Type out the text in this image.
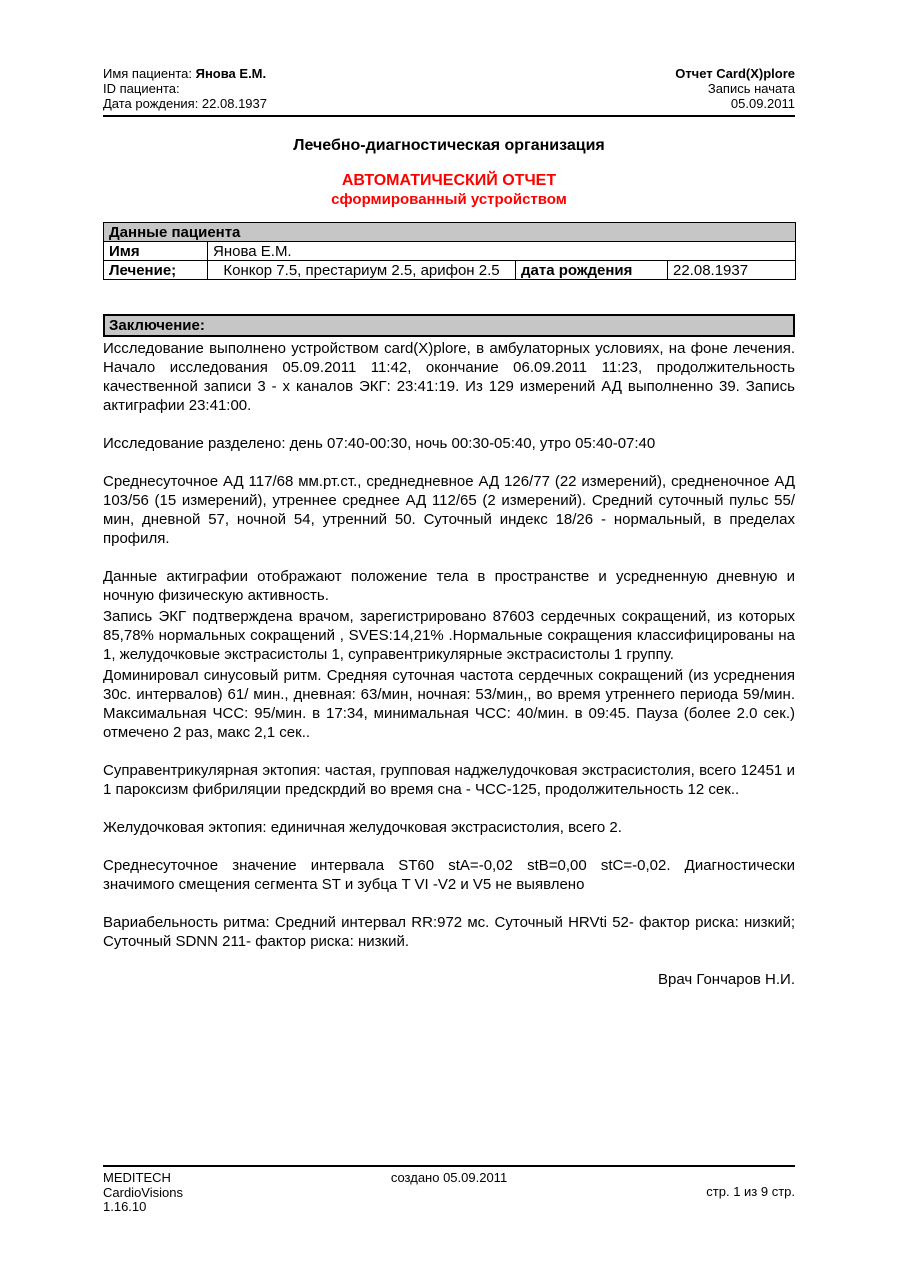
Имя пациента: Янова Е.М.
ID пациента:
Дата рождения: 22.08.1937
Отчет Card(X)plore
Запись начата
05.09.2011
Лечебно-диагностическая организация
АВТОМАТИЧЕСКИЙ ОТЧЕТ
сформированный устройством
Данные пациента			
Имя	Янова Е.М.		
Лечение;	Конкор 7.5, престариум 2.5, арифон 2.5	дата рождения	22.08.1937
Заключение:
Исследование выполнено устройством card(X)plore, в амбулаторных условиях, на фоне лечения. Начало исследования 05.09.2011 11:42, окончание 06.09.2011 11:23, продолжительность качественной записи 3 - х каналов ЭКГ: 23:41:19. Из 129 измерений АД выполненно 39. Запись актиграфии 23:41:00.
Исследование разделено: день 07:40-00:30, ночь 00:30-05:40, утро 05:40-07:40
Среднесуточное АД 117/68 мм.рт.ст., среднедневное АД 126/77 (22 измерений), средненочное АД 103/56 (15 измерений), утреннее среднее АД 112/65 (2 измерений). Средний суточный пульс 55/мин, дневной 57, ночной 54, утренний 50. Суточный индекс 18/26 - нормальный, в пределах профиля.
Данные актиграфии отображают положение тела в пространстве и усредненную дневную и ночную физическую активность.
Запись ЭКГ подтверждена врачом, зарегистрировано 87603 сердечных сокращений, из которых 85,78% нормальных сокращений , SVES:14,21% .Нормальные сокращения классифицированы на 1, желудочковые экстрасистолы 1, суправентрикулярные экстрасистолы 1 группу.
Доминировал синусовый ритм. Средняя суточная частота сердечных сокращений (из усреднения 30с. интервалов) 61/ мин., дневная: 63/мин, ночная: 53/мин,, во время утреннего периода 59/мин. Максимальная ЧСС: 95/мин. в 17:34, минимальная ЧСС: 40/мин. в 09:45. Пауза (более 2.0 сек.) отмечено 2 раз, макс 2,1 сек..
Суправентрикулярная эктопия: частая, групповая наджелудочковая экстрасистолия, всего 12451 и 1 пароксизм фибриляции предскрдий во время сна - ЧСС-125, продолжительность 12 сек..
Желудочковая эктопия: единичная желудочковая экстрасистолия, всего 2.
Среднесуточное значение интервала ST60 stA=-0,02 stB=0,00 stC=-0,02. Диагностически значимого смещения сегмента ST и зубца T VI -V2 и V5 не выявлено
Вариабельность ритма: Средний интервал RR:972 мс. Суточный HRVti 52- фактор риска: низкий; Суточный SDNN 211- фактор риска: низкий.
Врач Гончаров Н.И.
MEDITECH
CardioVisions
1.16.10
создано 05.09.2011
стр. 1 из 9 стр.
